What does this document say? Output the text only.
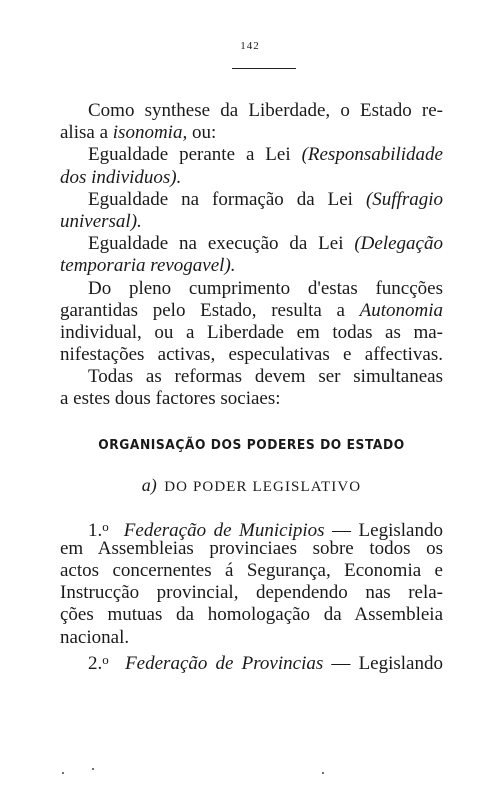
142
Como synthese da Liberdade, o Estado re-
alisa a isonomia, ou:
Egualdade perante a Lei (Responsabilidade
dos individuos).
Egualdade na formação da Lei (Suffragio
universal).
Egualdade na execução da Lei (Delegação
temporaria revogavel).
Do pleno cumprimento d'estas funcções
garantidas pelo Estado, resulta a Autonomia
individual, ou a Liberdade em todas as ma-
nifestações activas, especulativas e affectivas.
Todas as reformas devem ser simultaneas
a estes dous factores sociaes:
ORGANISAÇÃO DOS PODERES DO ESTADO
a) DO PODER LEGISLATIVO
1.$^o$ Federação de Municipios — Legislando
em Assembleias provinciaes sobre todos os
actos concernentes á Segurança, Economia e
Instrucção provincial, dependendo nas rela-
ções mutuas da homologação da Assembleia
nacional.
2.$^o$ Federação de Provincias — Legislando
